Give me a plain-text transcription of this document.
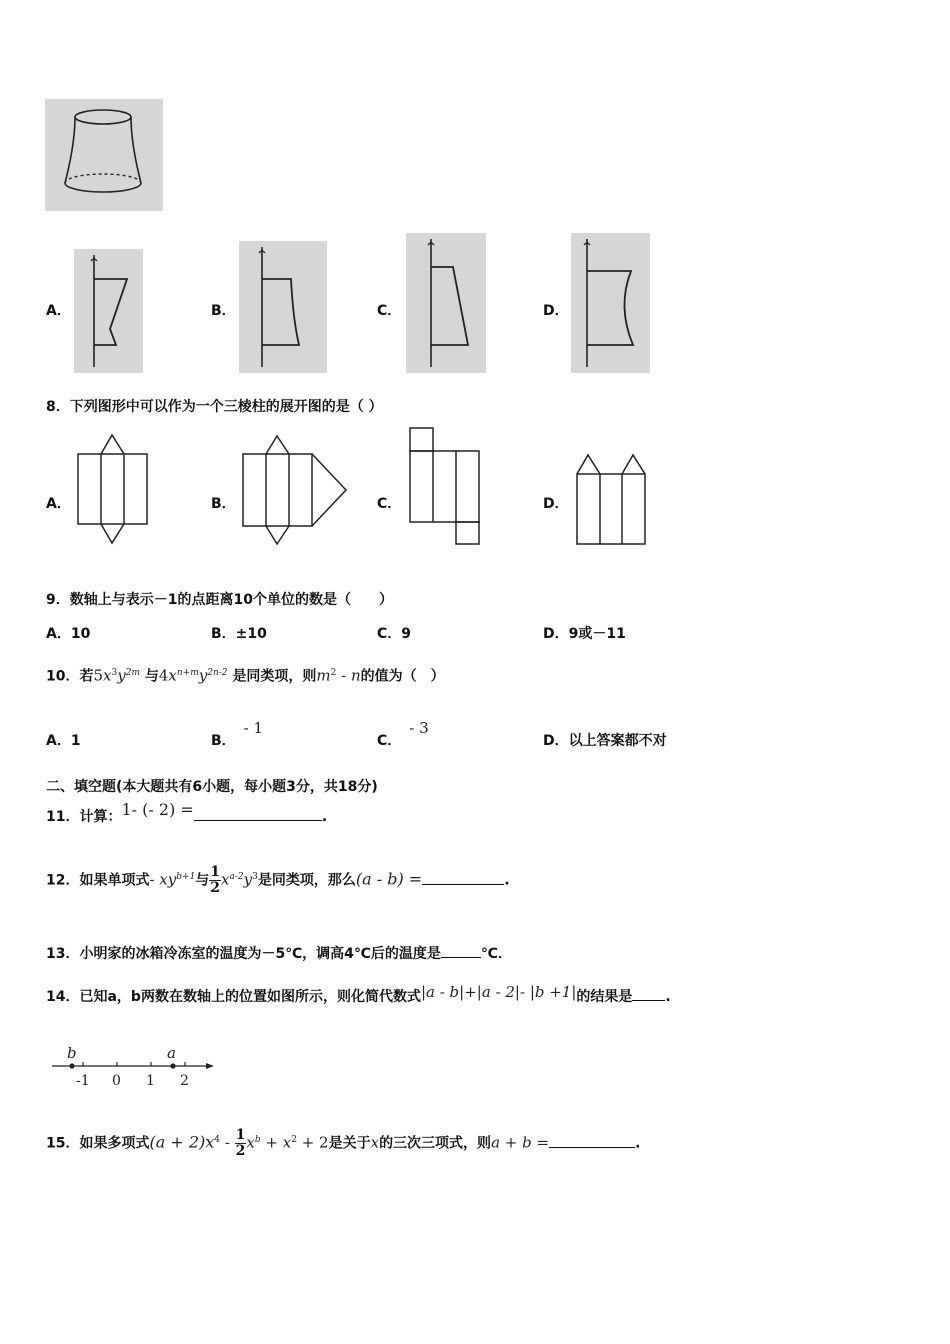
A．	B．	C．	D．
8．下列图形中可以作为一个三棱柱的展开图的是（ ）
A．	B．	C．	D．
9．数轴上与表示－1的点距离10个单位的数是（　　）
A．10	B．±10	C．9	D．9或－11
10．若$5x^3y^{2m}$ 与$4x^{n+m}y^{2n-2}$ 是同类项，则$m^2$ - n的值为（　）
A．1	B．- 1
C．- 3
D．以上答案都不对
二、填空题(本大题共有6小题，每小题3分，共18分)
11．计算：1- (- 2) =	.
12．如果单项式- $xy^{b+1}$与 $\frac{1}{2} x^{a-2}y^3$是同类项，那么(a - b) =	.
13．小明家的冰箱冷冻室的温度为－5℃，调高4℃后的温度是	℃．
14．已知a，b两数在数轴上的位置如图所示，则化简代数式|a - b|+|a - 2|- |b +1|的结果是 .
b	a
-1 0 1 2
15．如果多项式$(a + 2)x^4 - \frac{1}{2} x^b + x^2 + 2$是关于x的三次三项式，则a + b =	.
